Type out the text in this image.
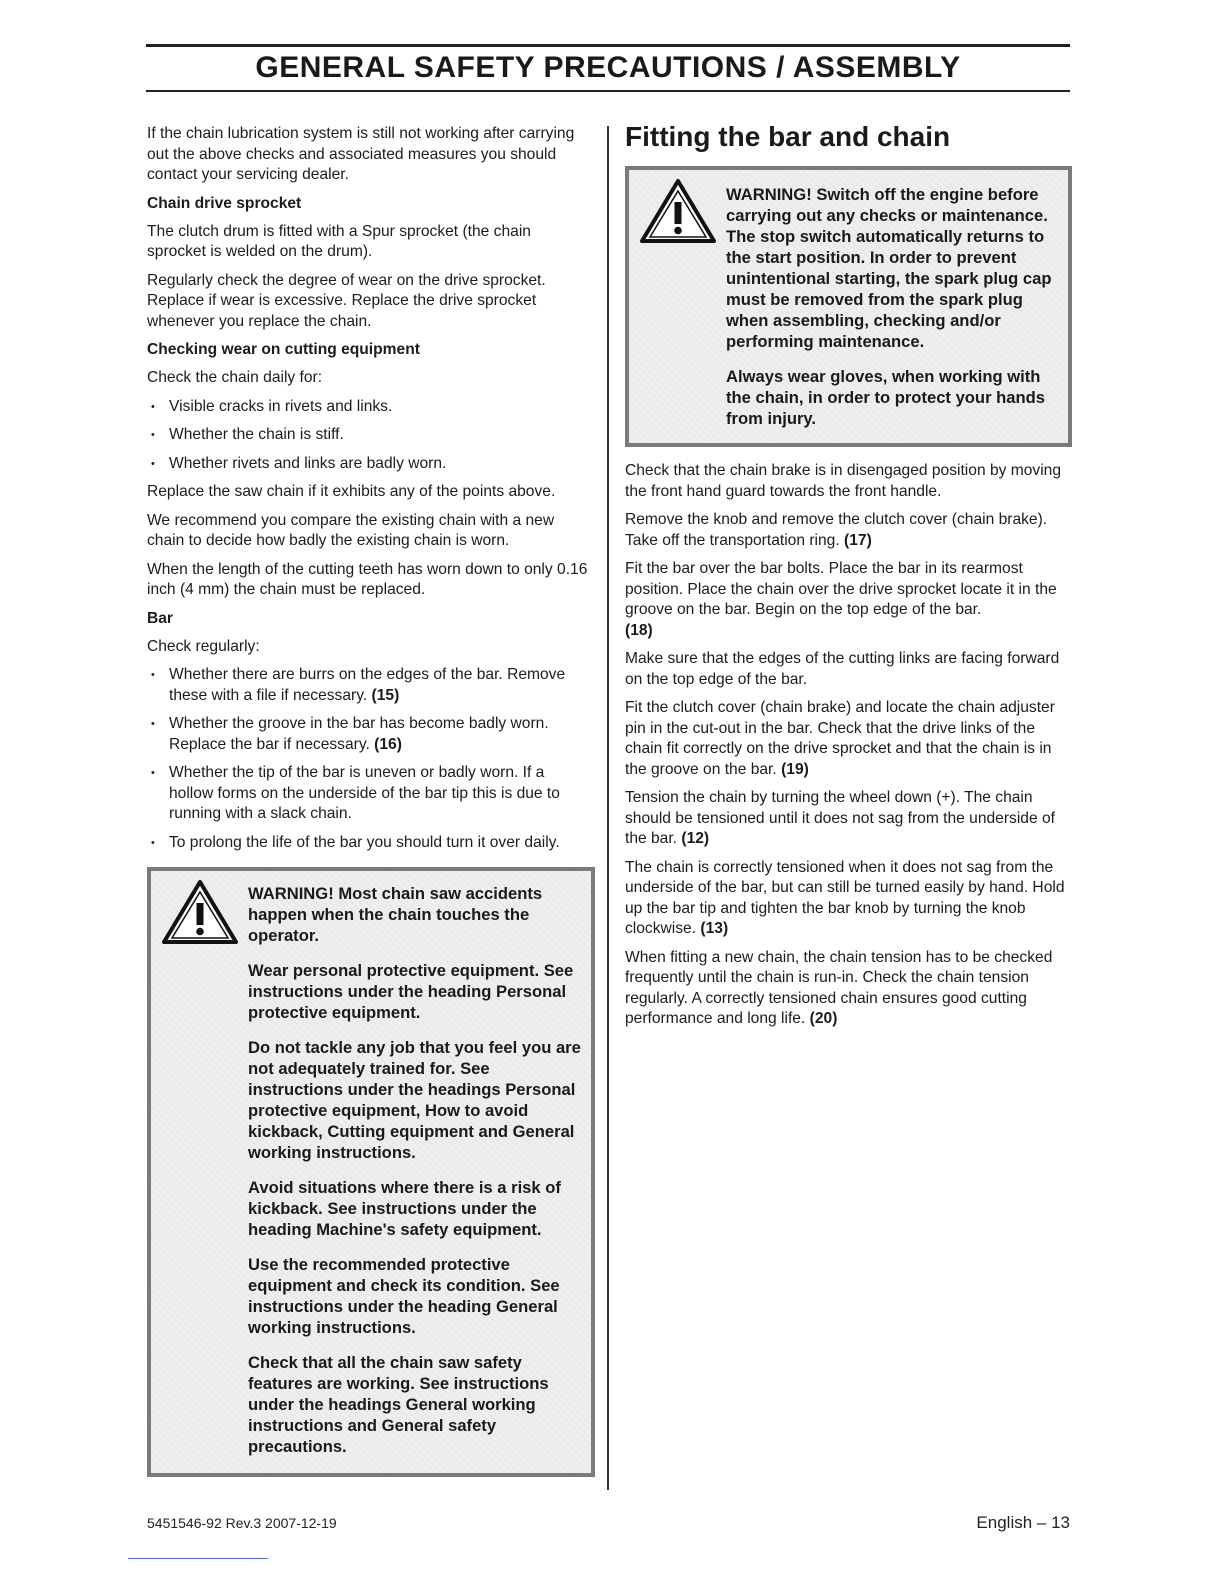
GENERAL SAFETY PRECAUTIONS / ASSEMBLY

If the chain lubrication system is still not working after carrying out the above checks and associated measures you should contact your servicing dealer.

Chain drive sprocket

The clutch drum is fitted with a Spur sprocket (the chain sprocket is welded on the drum).

Regularly check the degree of wear on the drive sprocket. Replace if wear is excessive. Replace the drive sprocket whenever you replace the chain.

Checking wear on cutting equipment

Check the chain daily for:

• Visible cracks in rivets and links.
• Whether the chain is stiff.
• Whether rivets and links are badly worn.

Replace the saw chain if it exhibits any of the points above.

We recommend you compare the existing chain with a new chain to decide how badly the existing chain is worn.

When the length of the cutting teeth has worn down to only 0.16 inch (4 mm) the chain must be replaced.

Bar

Check regularly:

• Whether there are burrs on the edges of the bar. Remove these with a file if necessary. (15)
• Whether the groove in the bar has become badly worn. Replace the bar if necessary. (16)
• Whether the tip of the bar is uneven or badly worn. If a hollow forms on the underside of the bar tip this is due to running with a slack chain.
• To prolong the life of the bar you should turn it over daily.

WARNING! Most chain saw accidents happen when the chain touches the operator.

Wear personal protective equipment. See instructions under the heading Personal protective equipment.

Do not tackle any job that you feel you are not adequately trained for. See instructions under the headings Personal protective equipment, How to avoid kickback, Cutting equipment and General working instructions.

Avoid situations where there is a risk of kickback. See instructions under the heading Machine's safety equipment.

Use the recommended protective equipment and check its condition. See instructions under the heading General working instructions.

Check that all the chain saw safety features are working. See instructions under the headings General working instructions and General safety precautions.

Fitting the bar and chain

WARNING! Switch off the engine before carrying out any checks or maintenance. The stop switch automatically returns to the start position. In order to prevent unintentional starting, the spark plug cap must be removed from the spark plug when assembling, checking and/or performing maintenance.

Always wear gloves, when working with the chain, in order to protect your hands from injury.

Check that the chain brake is in disengaged position by moving the front hand guard towards the front handle.

Remove the knob and remove the clutch cover (chain brake). Take off the transportation ring. (17)

Fit the bar over the bar bolts. Place the bar in its rearmost position. Place the chain over the drive sprocket locate it in the groove on the bar. Begin on the top edge of the bar.
(18)

Make sure that the edges of the cutting links are facing forward on the top edge of the bar.

Fit the clutch cover (chain brake) and locate the chain adjuster pin in the cut-out in the bar. Check that the drive links of the chain fit correctly on the drive sprocket and that the chain is in the groove on the bar. (19)

Tension the chain by turning the wheel down (+). The chain should be tensioned until it does not sag from the underside of the bar. (12)

The chain is correctly tensioned when it does not sag from the underside of the bar, but can still be turned easily by hand. Hold up the bar tip and tighten the bar knob by turning the knob clockwise. (13)

When fitting a new chain, the chain tension has to be checked frequently until the chain is run-in. Check the chain tension regularly. A correctly tensioned chain ensures good cutting performance and long life. (20)

5451546-92 Rev.3 2007-12-19	English – 13
